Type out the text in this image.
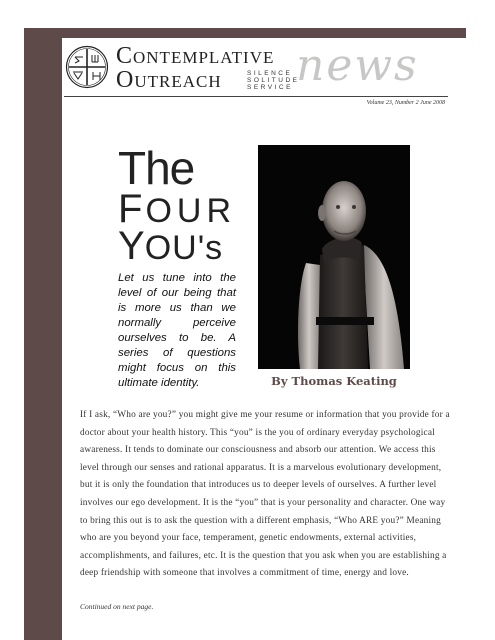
Contemplative
Outreach	SILENCE
SOLITUDE
SERVICE news
Volume 23, Number 2 June 2008
The
FOUR
YOU's
Let us tune into the level of our being that is more us than we normally perceive ourselves to be. A series of questions might focus on this ultimate identity.	By Thomas Keating

If I ask, “Who are you?” you might give me your resume or information that you provide for a doctor about your health history. This “you” is the you of ordinary everyday psychological awareness. It tends to dominate our consciousness and absorb our attention. We access this level through our senses and rational apparatus. It is a marvelous evolutionary development, but it is only the foundation that introduces us to deeper levels of ourselves. A further level involves our ego development. It is the “you” that is your personality and character. One way to bring this out is to ask the question with a different emphasis, “Who ARE you?” Meaning who are you beyond your face, temperament, genetic endowments, external activities, accomplishments, and failures, etc. It is the question that you ask when you are establishing a deep friendship with someone that involves a commitment of time, energy and love.

Continued on next page.
